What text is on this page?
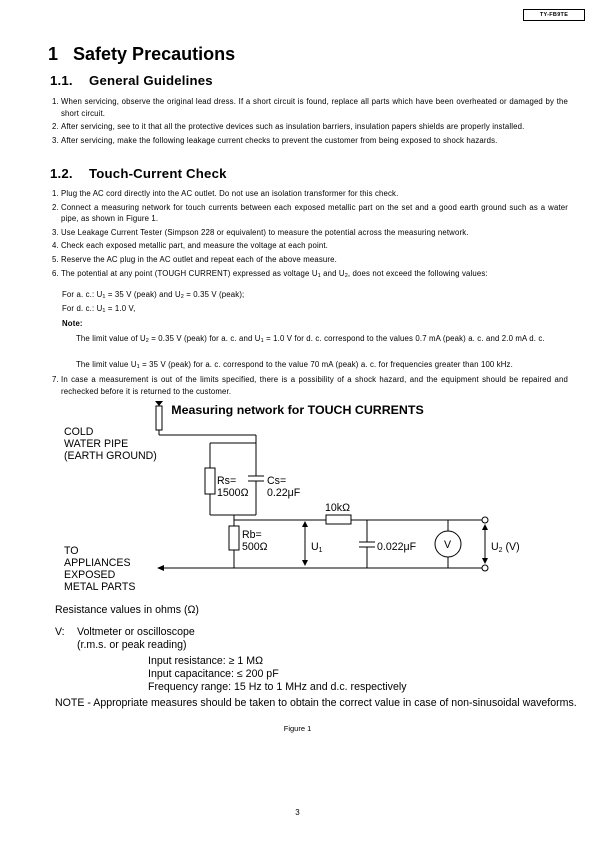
TY-FB9TE
1 Safety Precautions
1.1. General Guidelines
1. When servicing, observe the original lead dress. If a short circuit is found, replace all parts which have been overheated or damaged by the short circuit.
2. After servicing, see to it that all the protective devices such as insulation barriers, insulation papers shields are properly installed.
3. After servicing, make the following leakage current checks to prevent the customer from being exposed to shock hazards.
1.2. Touch-Current Check
1. Plug the AC cord directly into the AC outlet. Do not use an isolation transformer for this check.
2. Connect a measuring network for touch currents between each exposed metallic part on the set and a good earth ground such as a water pipe, as shown in Figure 1.
3. Use Leakage Current Tester (Simpson 228 or equivalent) to measure the potential across the measuring network.
4. Check each exposed metallic part, and measure the voltage at each point.
5. Reserve the AC plug in the AC outlet and repeat each of the above measure.
6. The potential at any point (TOUGH CURRENT) expressed as voltage $U_1$ and $U_2$, does not exceed the following values:
For a. c.: $U_1 = 35$ V (peak) and $U_2 = 0.35$ V (peak);
For d. c.: $U_1 = 1.0$ V,
Note:
The limit value of $U_2 = 0.35$ V (peak) for a. c. and $U_1 = 1.0$ V for d. c. correspond to the values 0.7 mA (peak) a. c. and 2.0 mA d. c.
The limit value $U_1 = 35$ V (peak) for a. c. correspond to the value 70 mA (peak) a. c. for frequencies greater than 100 kHz.
7. In case a measurement is out of the limits specified, there is a possibility of a shock hazard, and the equipment should be repaired and rechecked before it is returned to the customer.
Measuring network for TOUCH CURRENTS
COLD
WATER PIPE
(EARTH GROUND)
Rs=
1500Ω
Cs=
0.22μF
10kΩ
Rb=
500Ω	U1	0.022μF	V	U2 (V)
TO
APPLIANCES
EXPOSED
METAL PARTS
Resistance values in ohms (Ω)
V: Voltmeter or oscilloscope
(r.m.s. or peak reading)
Input resistance: ≥ 1 MΩ
Input capacitance: ≤ 200 pF
Frequency range: 15 Hz to 1 MHz and d.c. respectively
NOTE - Appropriate measures should be taken to obtain the correct value in case of non-sinusoidal waveforms.
Figure 1
3
